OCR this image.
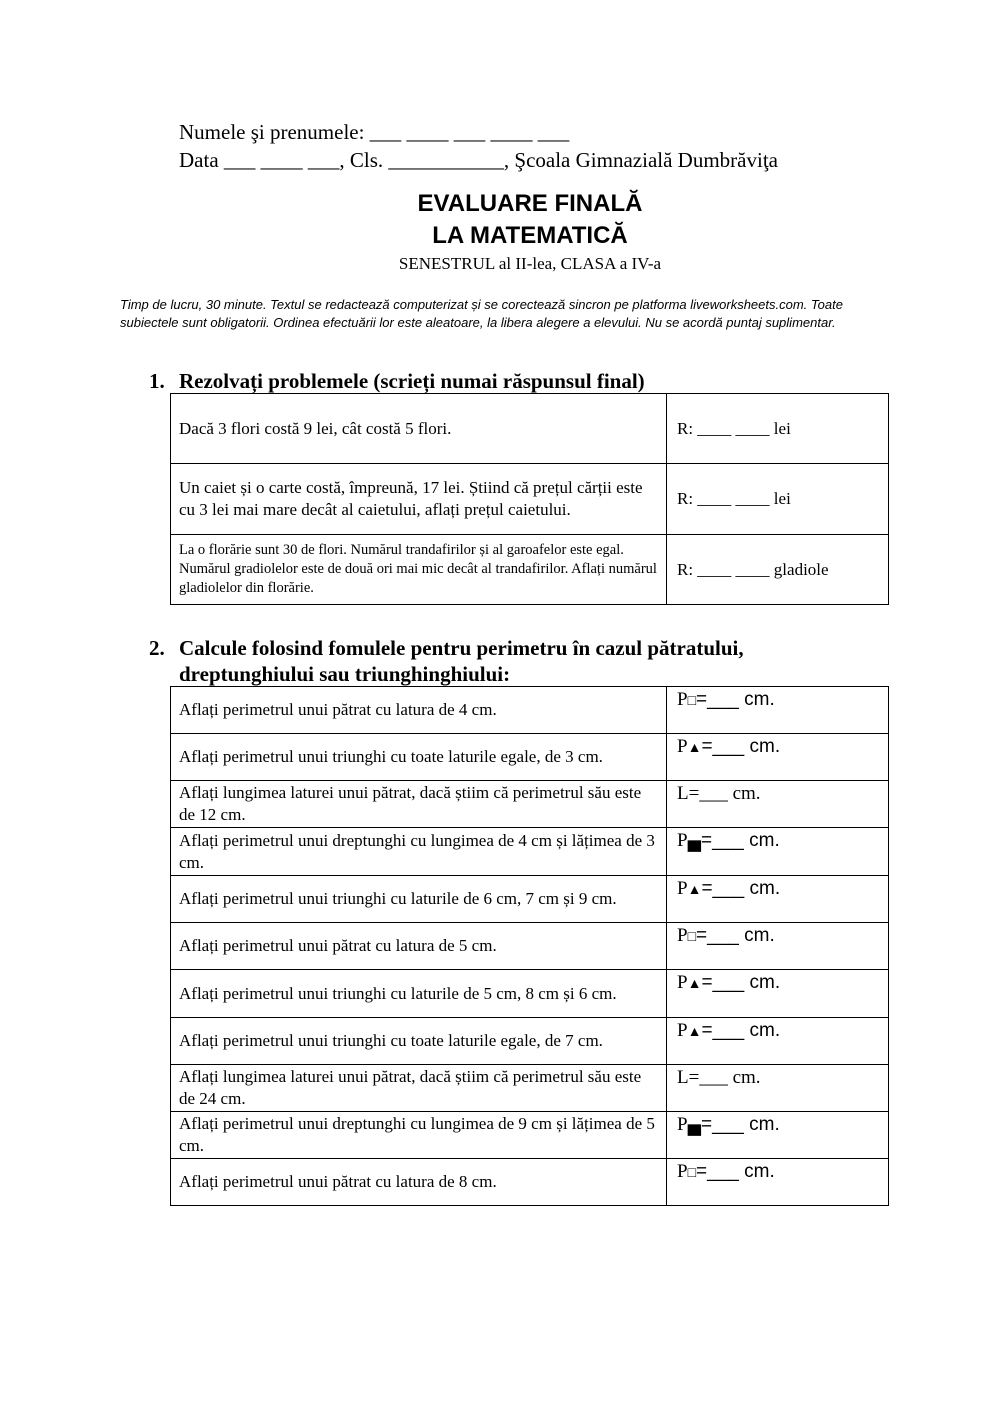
Numele şi prenumele: ___ ____ ___ ____ ___
Data ___ ____ ___, Cls. ___________, Şcoala Gimnazială Dumbrăviţa
EVALUARE FINALĂ
LA MATEMATICĂ
SENESTRUL al II-lea, CLASA a IV-a
Timp de lucru, 30 minute. Textul se redactează computerizat și se corectează sincron pe platforma liveworksheets.com. Toate subiectele sunt obligatorii. Ordinea efectuării lor este aleatoare, la libera alegere a elevului. Nu se acordă puntaj suplimentar.
1. Rezolvați problemele (scrieți numai răspunsul final)
Dacă 3 flori costă 9 lei, cât costă 5 flori.	R: ____ ____ lei
Un caiet și o carte costă, împreună, 17 lei. Știind că prețul cărții este cu 3 lei mai mare decât al caietului, aflați prețul caietului.	R: ____ ____ lei
La o florărie sunt 30 de flori. Numărul trandafirilor și al garoafelor este egal. Numărul gradiolelor este de două ori mai mic decât al trandafirilor. Aflați numărul gladiolelor din florărie.	R: ____ ____ gladiole
2. Calcule folosind fomulele pentru perimetru în cazul pătratului, dreptunghiului sau triunghinghiului:
Aflați perimetrul unui pătrat cu latura de 4 cm.	P□=___ cm.
Aflați perimetrul unui triunghi cu toate laturile egale, de 3 cm.	P▲=___ cm.
Aflați lungimea laturei unui pătrat, dacă știim că perimetrul său este de 12 cm.	L=___ cm.
Aflați perimetrul unui dreptunghi cu lungimea de 4 cm și lățimea de 3 cm.	P▄=___ cm.
Aflați perimetrul unui triunghi cu laturile de 6 cm, 7 cm și 9 cm.	P▲=___ cm.
Aflați perimetrul unui pătrat cu latura de 5 cm.	P□=___ cm.
Aflați perimetrul unui triunghi cu laturile de 5 cm, 8 cm și 6 cm.	P▲=___ cm.
Aflați perimetrul unui triunghi cu toate laturile egale, de 7 cm.	P▲=___ cm.
Aflați lungimea laturei unui pătrat, dacă știim că perimetrul său este de 24 cm.	L=___ cm.
Aflați perimetrul unui dreptunghi cu lungimea de 9 cm și lățimea de 5 cm.	P▄=___ cm.
Aflați perimetrul unui pătrat cu latura de 8 cm.	P□=___ cm.
